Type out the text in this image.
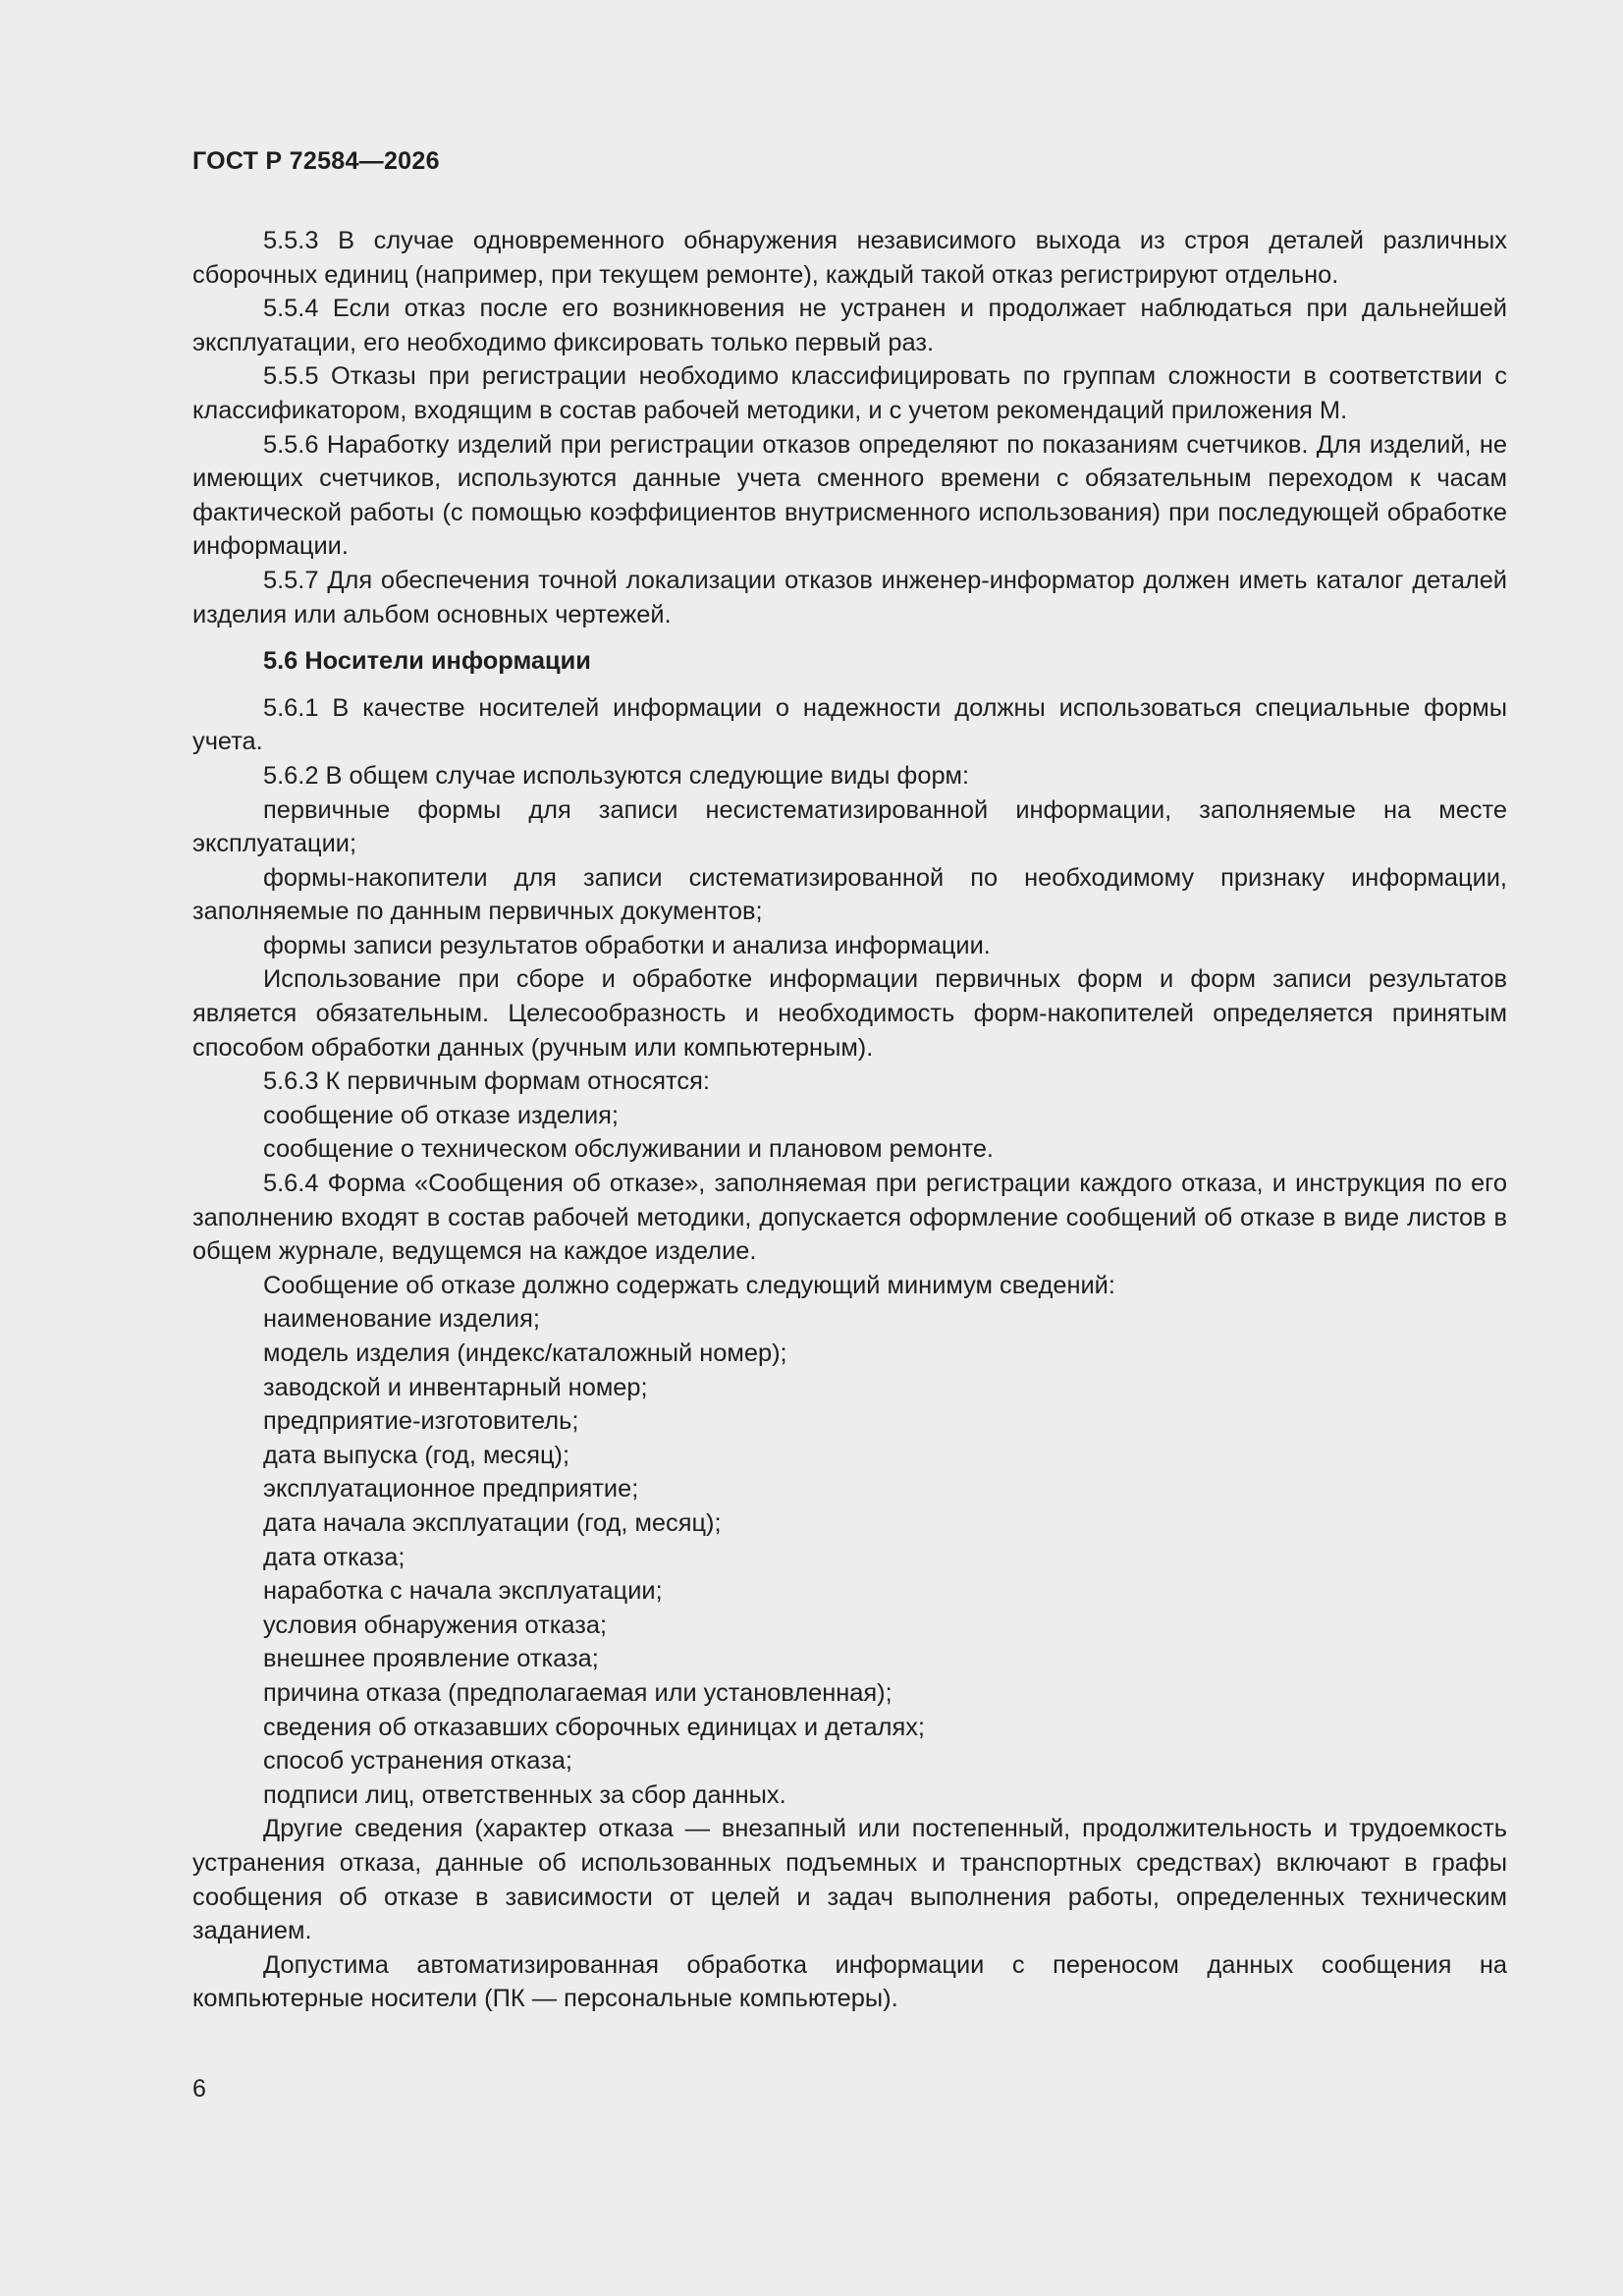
ГОСТ Р 72584—2026

5.5.3 В случае одновременного обнаружения независимого выхода из строя деталей различных сборочных единиц (например, при текущем ремонте), каждый такой отказ регистрируют отдельно.

5.5.4 Если отказ после его возникновения не устранен и продолжает наблюдаться при дальнейшей эксплуатации, его необходимо фиксировать только первый раз.

5.5.5 Отказы при регистрации необходимо классифицировать по группам сложности в соответствии с классификатором, входящим в состав рабочей методики, и с учетом рекомендаций приложения М.

5.5.6 Наработку изделий при регистрации отказов определяют по показаниям счетчиков. Для изделий, не имеющих счетчиков, используются данные учета сменного времени с обязательным переходом к часам фактической работы (с помощью коэффициентов внутрисменного использования) при последующей обработке информации.

5.5.7 Для обеспечения точной локализации отказов инженер-информатор должен иметь каталог деталей изделия или альбом основных чертежей.

5.6 Носители информации

5.6.1 В качестве носителей информации о надежности должны использоваться специальные формы учета.

5.6.2 В общем случае используются следующие виды форм:

первичные формы для записи несистематизированной информации, заполняемые на месте эксплуатации;

формы-накопители для записи систематизированной по необходимому признаку информации, заполняемые по данным первичных документов;

формы записи результатов обработки и анализа информации.

Использование при сборе и обработке информации первичных форм и форм записи результатов является обязательным. Целесообразность и необходимость форм-накопителей определяется принятым способом обработки данных (ручным или компьютерным).

5.6.3 К первичным формам относятся:

сообщение об отказе изделия;

сообщение о техническом обслуживании и плановом ремонте.

5.6.4 Форма «Сообщения об отказе», заполняемая при регистрации каждого отказа, и инструкция по его заполнению входят в состав рабочей методики, допускается оформление сообщений об отказе в виде листов в общем журнале, ведущемся на каждое изделие.

Сообщение об отказе должно содержать следующий минимум сведений:

наименование изделия;

модель изделия (индекс/каталожный номер);

заводской и инвентарный номер;

предприятие-изготовитель;

дата выпуска (год, месяц);

эксплуатационное предприятие;

дата начала эксплуатации (год, месяц);

дата отказа;

наработка с начала эксплуатации;

условия обнаружения отказа;

внешнее проявление отказа;

причина отказа (предполагаемая или установленная);

сведения об отказавших сборочных единицах и деталях;

способ устранения отказа;

подписи лиц, ответственных за сбор данных.

Другие сведения (характер отказа — внезапный или постепенный, продолжительность и трудоемкость устранения отказа, данные об использованных подъемных и транспортных средствах) включают в графы сообщения об отказе в зависимости от целей и задач выполнения работы, определенных техническим заданием.

Допустима автоматизированная обработка информации с переносом данных сообщения на компьютерные носители (ПК — персональные компьютеры).

6
